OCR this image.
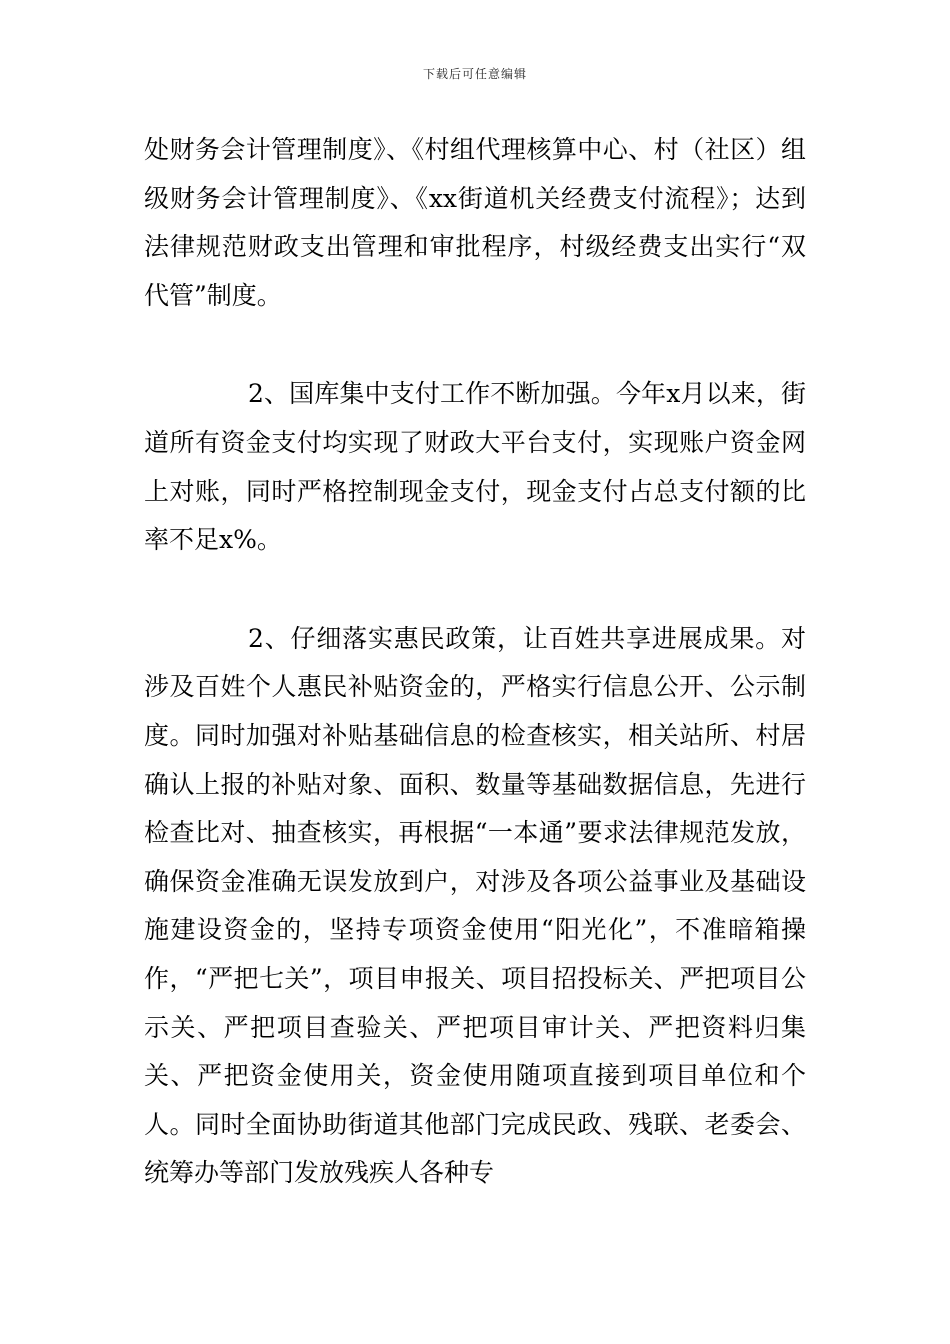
下载后可任意编辑

处财务会计管理制度》、《村组代理核算中心、村（社区）组级财务会计管理制度》、《xx街道机关经费支付流程》；达到法律规范财政支出管理和审批程序，村级经费支出实行“双代管”制度。

2、国库集中支付工作不断加强。今年x月以来，街道所有资金支付均实现了财政大平台支付，实现账户资金网上对账，同时严格控制现金支付，现金支付占总支付额的比率不足x%。

2、仔细落实惠民政策，让百姓共享进展成果。对涉及百姓个人惠民补贴资金的，严格实行信息公开、公示制度。同时加强对补贴基础信息的检查核实，相关站所、村居确认上报的补贴对象、面积、数量等基础数据信息，先进行检查比对、抽查核实，再根据“一本通”要求法律规范发放，确保资金准确无误发放到户，对涉及各项公益事业及基础设施建设资金的，坚持专项资金使用“阳光化”，不准暗箱操作，“严把七关”，项目申报关、项目招投标关、严把项目公示关、严把项目查验关、严把项目审计关、严把资料归集关、严把资金使用关，资金使用随项直接到项目单位和个人。同时全面协助街道其他部门完成民政、残联、老委会、统筹办等部门发放残疾人各种专
